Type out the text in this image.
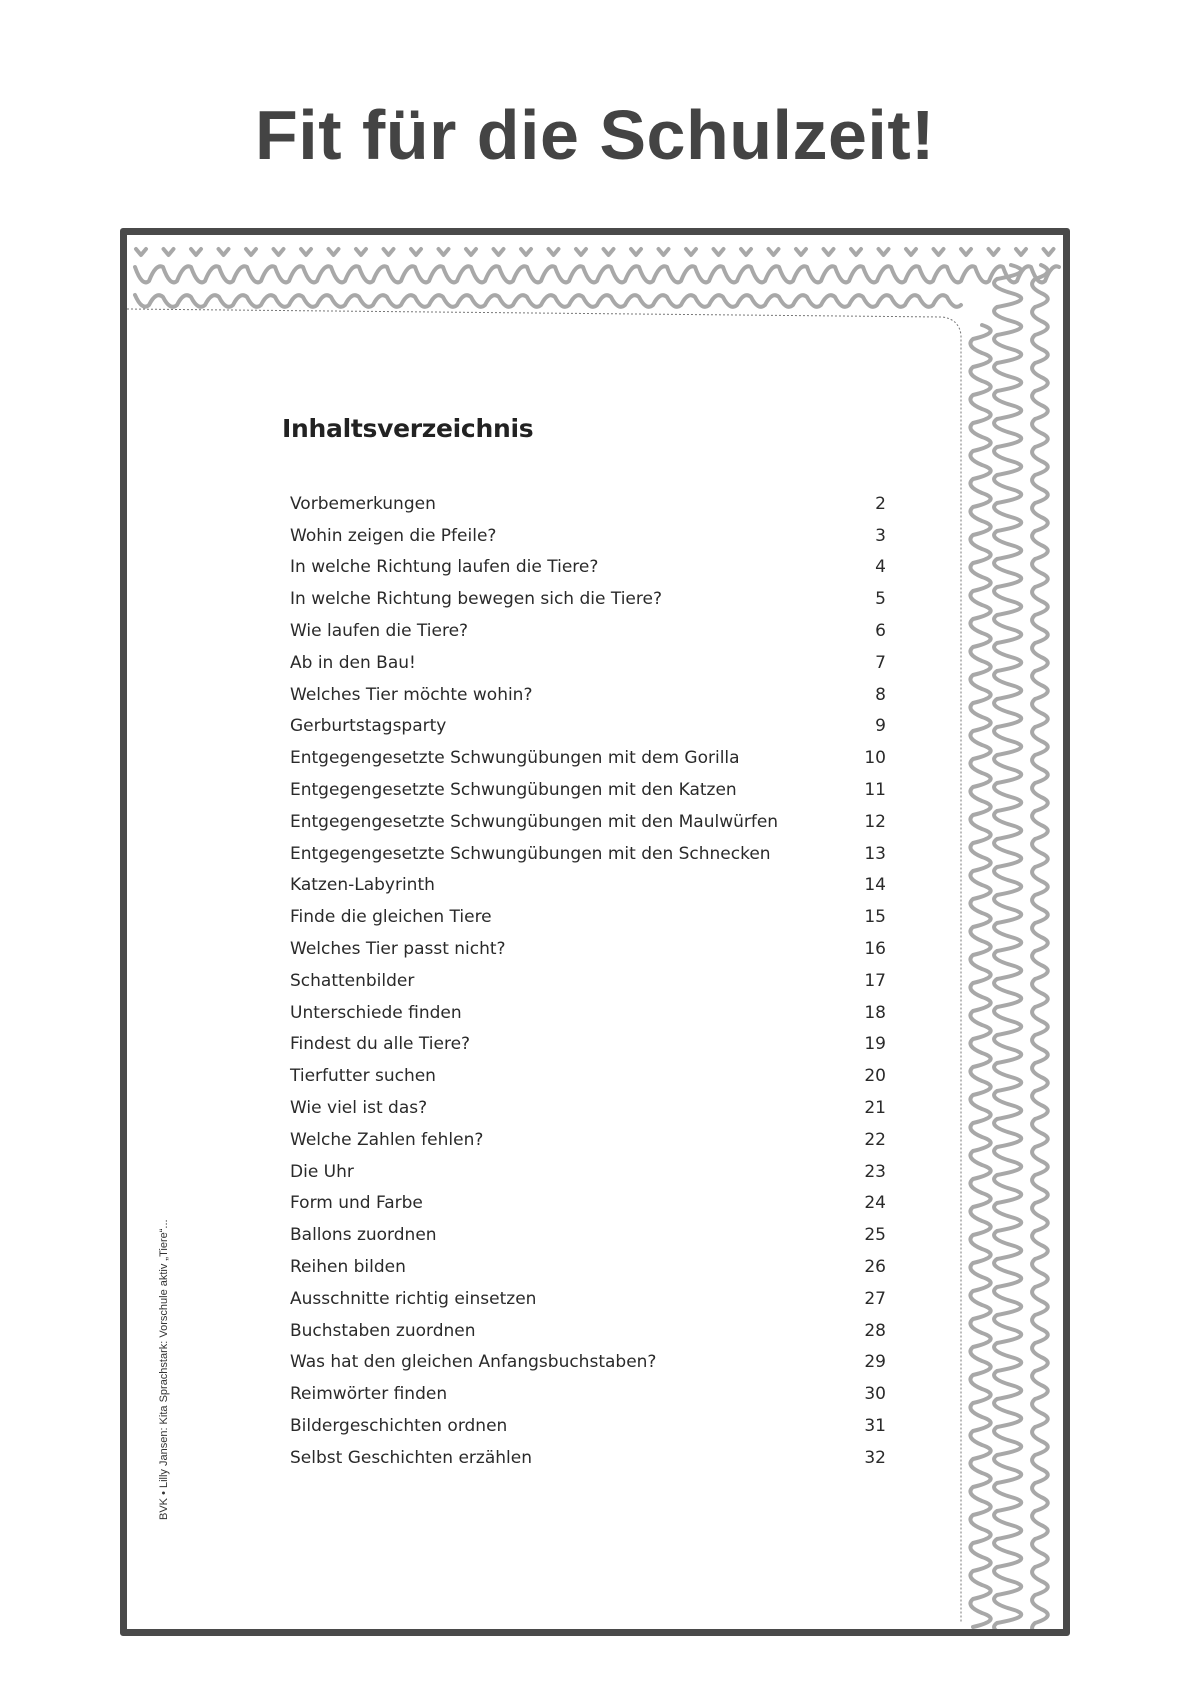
Fit für die Schulzeit!
Inhaltsverzeichnis
Vorbemerkungen	2
Wohin zeigen die Pfeile?	3
In welche Richtung laufen die Tiere?	4
In welche Richtung bewegen sich die Tiere?	5
Wie laufen die Tiere?	6
Ab in den Bau!	7
Welches Tier möchte wohin?	8
Gerburtstagsparty	9
Entgegengesetzte Schwungübungen mit dem Gorilla	10
Entgegengesetzte Schwungübungen mit den Katzen	11
Entgegengesetzte Schwungübungen mit den Maulwürfen	12
Entgegengesetzte Schwungübungen mit den Schnecken	13
Katzen-Labyrinth	14
Finde die gleichen Tiere	15
Welches Tier passt nicht?	16
Schattenbilder	17
Unterschiede finden	18
Findest du alle Tiere?	19
Tierfutter suchen	20
Wie viel ist das?	21
Welche Zahlen fehlen?	22
Die Uhr	23
Form und Farbe	24
Ballons zuordnen	25
Reihen bilden	26
Ausschnitte richtig einsetzen	27
Buchstaben zuordnen	28
Was hat den gleichen Anfangsbuchstaben?	29
Reimwörter finden	30
Bildergeschichten ordnen	31
Selbst Geschichten erzählen	32
BVK • Lilly Jansen: Kita Sprachstark: Vorschule aktiv „Tiere“...
